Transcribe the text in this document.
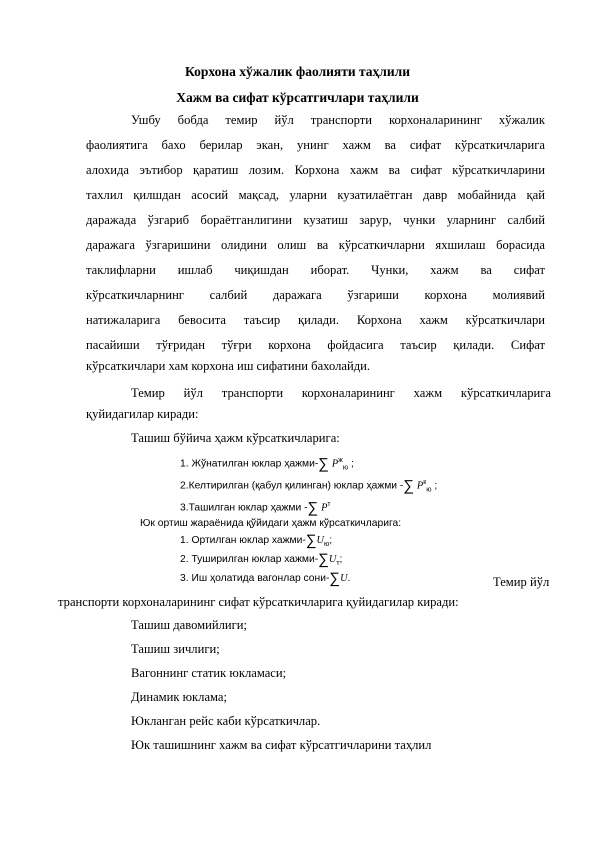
Корхона хўжалик фаолияти таҳлили
Хажм ва сифат кўрсатгичлари таҳлили
Ушбу бобда темир йўл транспорти корхоналарининг хўжалик
фаолиятига бахо берилар экан, унинг хажм ва сифат кўрсаткичларига
алохида эътибор қаратиш лозим. Корхона хажм ва сифат кўрсаткичларини
тахлил қилшдан асосий мақсад, уларни кузатилаётган давр мобайнида қай
даражада ўзгариб бораётганлигини кузатиш зарур, чунки уларнинг салбий
даражага ўзгаришини олидини олиш ва кўрсаткичларни яхшилаш борасида
таклифларни ишлаб чиқишдан иборат. Чунки, хажм ва сифат
кўрсаткичларнинг салбий даражага ўзгариши корхона молиявий
натижаларига бевосита таъсир қилади. Корхона хажм кўрсаткичлари
пасайиши тўғридан тўғри корхона фойдасига таъсир қилади. Сифат
кўрсаткичлари хам корхона иш сифатини бахолайди.
Темир йўл транспорти корхоналарининг хажм кўрсаткичларига
қуйидагилар киради:
Ташиш бўйича ҳажм кўрсаткичларига:
1. Жўнатилган юклар ҳажми-∑ $P^ж_ю$ ;
2.Келтирилган (қабул қилинган) юклар ҳажми -∑ $P^к_ю$ ;
3.Ташилган юклар ҳажми -∑ $P^т$
Юк ортиш жараёнида қўйидаги ҳажм кўрсаткичларига:
1. Ортилган юклар хажми-$\sum U_ю$;
2. Туширилган юклар хажми-$\sum U_т$;
3. Иш ҳолатида вагонлар сони-∑U.	Темир йўл
транспорти корхоналарининг сифат кўрсаткичларига қуйидагилар киради:
Ташиш давомийлиги;
Ташиш зичлиги;
Вагоннинг статик юкламаси;
Динамик юклама;
Юкланган рейс каби кўрсаткичлар.
Юк ташишнинг хажм ва сифат кўрсатгичларини таҳлил
